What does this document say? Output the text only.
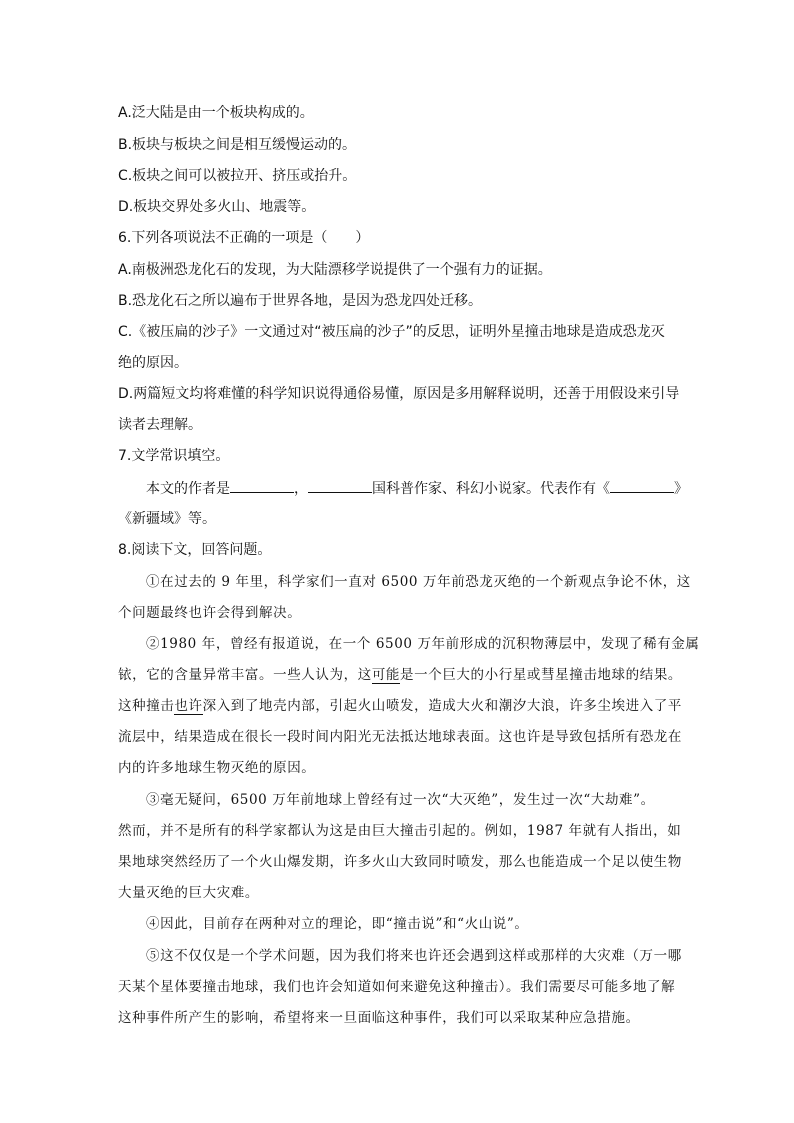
A.泛大陆是由一个板块构成的。
B.板块与板块之间是相互缓慢运动的。
C.板块之间可以被拉开、挤压或抬升。
D.板块交界处多火山、地震等。
6.下列各项说法不正确的一项是（　　）
A.南极洲恐龙化石的发现，为大陆漂移学说提供了一个强有力的证据。
B.恐龙化石之所以遍布于世界各地，是因为恐龙四处迁移。
C.《被压扁的沙子》一文通过对“被压扁的沙子”的反思，证明外星撞击地球是造成恐龙灭
绝的原因。
D.两篇短文均将难懂的科学知识说得通俗易懂，原因是多用解释说明，还善于用假设来引导
读者去理解。
7.文学常识填空。
本文的作者是	，	国科普作家、科幻小说家。代表作有《	》
《新疆域》等。
8.阅读下文，回答问题。
①在过去的 9 年里，科学家们一直对 6500 万年前恐龙灭绝的一个新观点争论不休，这
个问题最终也许会得到解决。
②1980 年，曾经有报道说，在一个 6500 万年前形成的沉积物薄层中，发现了稀有金属
铱，它的含量异常丰富。一些人认为，这可能是一个巨大的小行星或彗星撞击地球的结果。
这种撞击也许深入到了地壳内部，引起火山喷发，造成大火和潮汐大浪，许多尘埃进入了平
流层中，结果造成在很长一段时间内阳光无法抵达地球表面。这也许是导致包括所有恐龙在
内的许多地球生物灭绝的原因。
③毫无疑问，6500 万年前地球上曾经有过一次“大灭绝”，发生过一次“大劫难”。
然而，并不是所有的科学家都认为这是由巨大撞击引起的。例如，1987 年就有人指出，如
果地球突然经历了一个火山爆发期，许多火山大致同时喷发，那么也能造成一个足以使生物
大量灭绝的巨大灾难。
④因此，目前存在两种对立的理论，即“撞击说”和“火山说”。
⑤这不仅仅是一个学术问题，因为我们将来也许还会遇到这样或那样的大灾难（万一哪
天某个星体要撞击地球，我们也许会知道如何来避免这种撞击）。我们需要尽可能多地了解
这种事件所产生的影响，希望将来一旦面临这种事件，我们可以采取某种应急措施。
